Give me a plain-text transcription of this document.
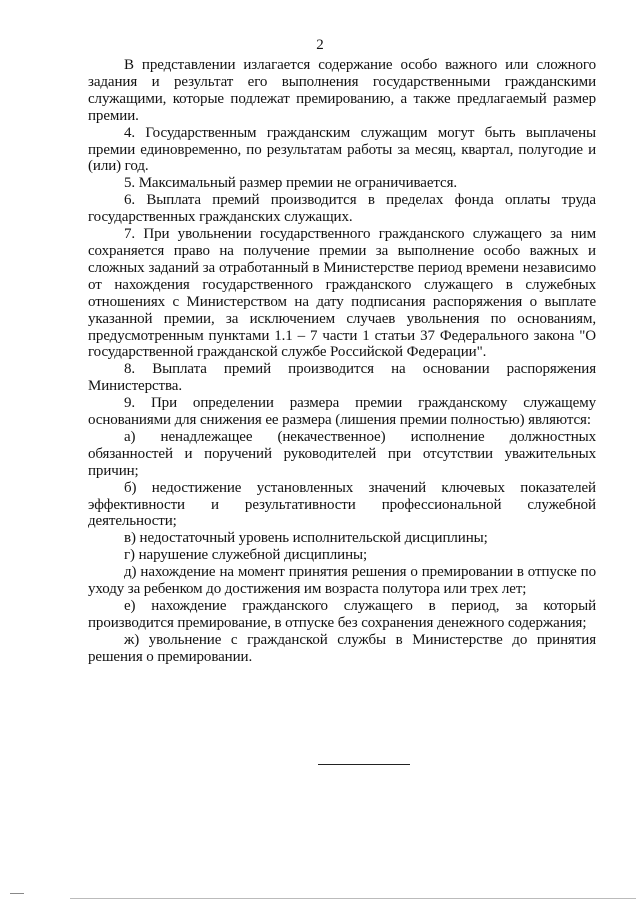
2

В представлении излагается содержание особо важного или сложного задания и результат его выполнения государственными гражданскими служащими, которые подлежат премированию, а также предлагаемый размер премии.

4. Государственным гражданским служащим могут быть выплачены премии единовременно, по результатам работы за месяц, квартал, полугодие и (или) год.

5. Максимальный размер премии не ограничивается.

6. Выплата премий производится в пределах фонда оплаты труда государственных гражданских служащих.

7. При увольнении государственного гражданского служащего за ним сохраняется право на получение премии за выполнение особо важных и сложных заданий за отработанный в Министерстве период времени независимо от нахождения государственного гражданского служащего в служебных отношениях с Министерством на дату подписания распоряжения о выплате указанной премии, за исключением случаев увольнения по основаниям, предусмотренным пунктами 1.1 – 7 части 1 статьи 37 Федерального закона "О государственной гражданской службе Российской Федерации".

8. Выплата премий производится на основании распоряжения Министерства.

9. При определении размера премии гражданскому служащему основаниями для снижения ее размера (лишения премии полностью) являются:

а) ненадлежащее (некачественное) исполнение должностных обязанностей и поручений руководителей при отсутствии уважительных причин;

б) недостижение установленных значений ключевых показателей эффективности и результативности профессиональной служебной деятельности;

в) недостаточный уровень исполнительской дисциплины;

г) нарушение служебной дисциплины;

д) нахождение на момент принятия решения о премировании в отпуске по уходу за ребенком до достижения им возраста полутора или трех лет;

е) нахождение гражданского служащего в период, за который производится премирование, в отпуске без сохранения денежного содержания;

ж) увольнение с гражданской службы в Министерстве до принятия решения о премировании.
